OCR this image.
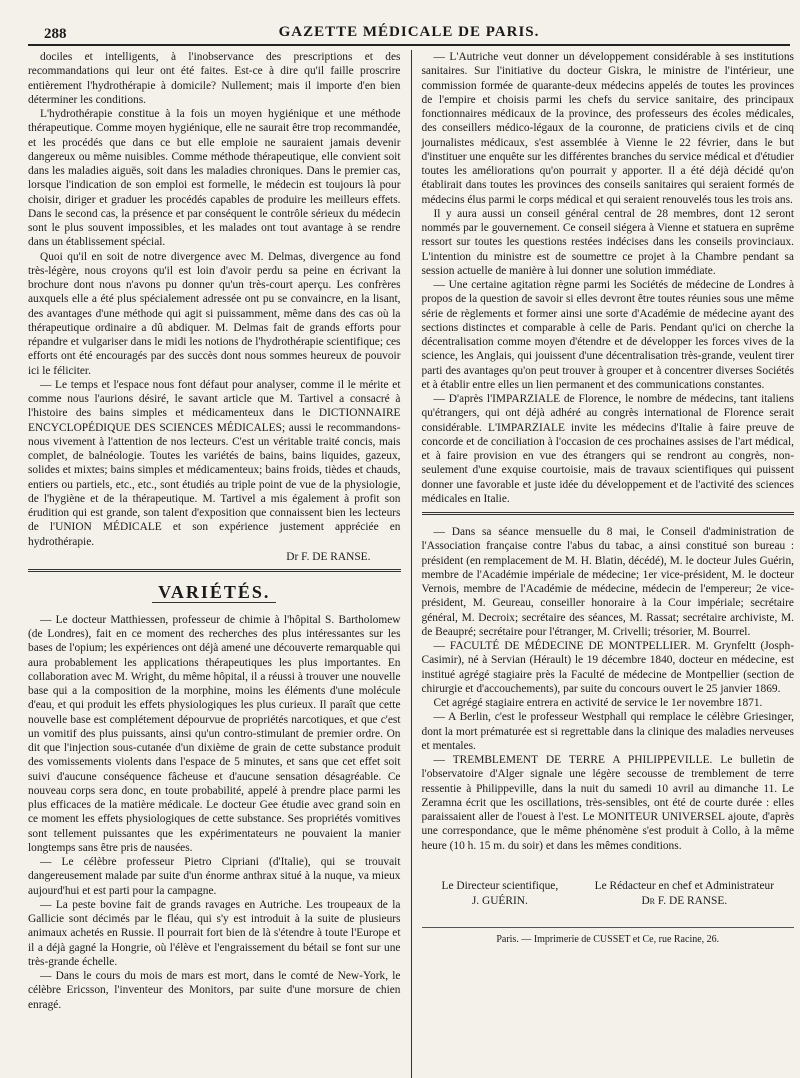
288	GAZETTE MÉDICALE DE PARIS.

dociles et intelligents, à l'inobservance des prescriptions et des recommandations qui leur ont été faites. Est-ce à dire qu'il faille proscrire entièrement l'hydrothérapie à domicile? Nullement; mais il importe d'en bien déterminer les conditions.

L'hydrothérapie constitue à la fois un moyen hygiénique et une méthode thérapeutique. Comme moyen hygiénique, elle ne saurait être trop recommandée, et les procédés que dans ce but elle emploie ne sauraient jamais devenir dangereux ou même nuisibles. Comme méthode thérapeutique, elle convient soit dans les maladies aiguës, soit dans les maladies chroniques. Dans le premier cas, lorsque l'indication de son emploi est formelle, le médecin est toujours là pour choisir, diriger et graduer les procédés capables de produire les meilleurs effets. Dans le second cas, la présence et par conséquent le contrôle sérieux du médecin sont le plus souvent impossibles, et les malades ont tout avantage à se rendre dans un établissement spécial.

Quoi qu'il en soit de notre divergence avec M. Delmas, divergence au fond très-légère, nous croyons qu'il est loin d'avoir perdu sa peine en écrivant la brochure dont nous n'avons pu donner qu'un très-court aperçu. Les confrères auxquels elle a été plus spécialement adressée ont pu se convaincre, en la lisant, des avantages d'une méthode qui agit si puissamment, même dans des cas où la thérapeutique ordinaire a dû abdiquer. M. Delmas fait de grands efforts pour répandre et vulgariser dans le midi les notions de l'hydrothérapie scientifique; ces efforts ont été encouragés par des succès dont nous sommes heureux de pouvoir ici le féliciter.

— Le temps et l'espace nous font défaut pour analyser, comme il le mérite et comme nous l'aurions désiré, le savant article que M. Tartivel a consacré à l'histoire des bains simples et médicamenteux dans le DICTIONNAIRE ENCYCLOPÉDIQUE DES SCIENCES MÉDICALES; aussi le recommandons-nous vivement à l'attention de nos lecteurs. C'est un véritable traité concis, mais complet, de balnéologie. Toutes les variétés de bains, bains liquides, gazeux, solides et mixtes; bains simples et médicamenteux; bains froids, tièdes et chauds, entiers ou partiels, etc., etc., sont étudiés au triple point de vue de la physiologie, de l'hygiène et de la thérapeutique. M. Tartivel a mis également à profit son érudition qui est grande, son talent d'exposition que connaissent bien les lecteurs de l'UNION MÉDICALE et son expérience justement appréciée en hydrothérapie.

Dr F. DE RANSE.
VARIÉTÉS.

— Le docteur Matthiessen, professeur de chimie à l'hôpital S. Bartholomew (de Londres), fait en ce moment des recherches des plus intéressantes sur les bases de l'opium; les expériences ont déjà amené une découverte remarquable qui aura probablement les applications thérapeutiques les plus importantes. En collaboration avec M. Wright, du même hôpital, il a réussi à trouver une nouvelle base qui a la composition de la morphine, moins les éléments d'une molécule d'eau, et qui produit les effets physiologiques les plus curieux. Il paraît que cette nouvelle base est complétement dépourvue de propriétés narcotiques, et que c'est un vomitif des plus puissants, ainsi qu'un contro-stimulant de premier ordre. On dit que l'injection sous-cutanée d'un dixième de grain de cette substance produit des vomissements violents dans l'espace de 5 minutes, et sans que cet effet soit suivi d'aucune conséquence fâcheuse et d'aucune sensation désagréable. Ce nouveau corps sera donc, en toute probabilité, appelé à prendre place parmi les plus efficaces de la matière médicale. Le docteur Gee étudie avec grand soin en ce moment les effets physiologiques de cette substance. Ses propriétés vomitives sont tellement puissantes que les expérimentateurs ne pouvaient la manier longtemps sans être pris de nausées.

— Le célèbre professeur Pietro Cipriani (d'Italie), qui se trouvait dangereusement malade par suite d'un énorme anthrax situé à la nuque, va mieux aujourd'hui et est parti pour la campagne.

— La peste bovine fait de grands ravages en Autriche. Les troupeaux de la Gallicie sont décimés par le fléau, qui s'y est introduit à la suite de plusieurs animaux achetés en Russie. Il pourrait fort bien de là s'étendre à toute l'Europe et il a déjà gagné la Hongrie, où l'élève et l'engraissement du bétail se font sur une très-grande échelle.

— Dans le cours du mois de mars est mort, dans le comté de New-York, le célèbre Ericsson, l'inventeur des Monitors, par suite d'une morsure de chien enragé.

— L'Autriche veut donner un développement considérable à ses institutions sanitaires. Sur l'initiative du docteur Giskra, le ministre de l'intérieur, une commission formée de quarante-deux médecins appelés de toutes les provinces de l'empire et choisis parmi les chefs du service sanitaire, des principaux fonctionnaires médicaux de la province, des professeurs des écoles médicales, des conseillers médico-légaux de la couronne, de praticiens civils et de cinq journalistes médicaux, s'est assemblée à Vienne le 22 février, dans le but d'instituer une enquête sur les différentes branches du service médical et d'étudier toutes les améliorations qu'on pourrait y apporter. Il a été déjà décidé qu'on établirait dans toutes les provinces des conseils sanitaires qui seraient formés de médecins élus parmi le corps médical et qui seraient renouvelés tous les trois ans.

Il y aura aussi un conseil général central de 28 membres, dont 12 seront nommés par le gouvernement. Ce conseil siégera à Vienne et statuera en suprême ressort sur toutes les questions restées indécises dans les conseils provinciaux. L'intention du ministre est de soumettre ce projet à la Chambre pendant sa session actuelle de manière à lui donner une solution immédiate.

— Une certaine agitation règne parmi les Sociétés de médecine de Londres à propos de la question de savoir si elles devront être toutes réunies sous une même série de règlements et former ainsi une sorte d'Académie de médecine ayant des sections distinctes et comparable à celle de Paris. Pendant qu'ici on cherche la décentralisation comme moyen d'étendre et de développer les forces vives de la science, les Anglais, qui jouissent d'une décentralisation très-grande, veulent tirer parti des avantages qu'on peut trouver à grouper et à concentrer diverses Sociétés et à établir entre elles un lien permanent et des communications constantes.

— D'après l'IMPARZIALE de Florence, le nombre de médecins, tant italiens qu'étrangers, qui ont déjà adhéré au congrès international de Florence serait considérable. L'IMPARZIALE invite les médecins d'Italie à faire preuve de concorde et de conciliation à l'occasion de ces prochaines assises de l'art médical, et à faire provision en vue des étrangers qui se rendront au congrès, non-seulement d'une exquise courtoisie, mais de travaux scientifiques qui puissent donner une favorable et juste idée du développement et de l'activité des sciences médicales en Italie.

— Dans sa séance mensuelle du 8 mai, le Conseil d'administration de l'Association française contre l'abus du tabac, a ainsi constitué son bureau : président (en remplacement de M. H. Blatin, décédé), M. le docteur Jules Guérin, membre de l'Académie impériale de médecine; 1er vice-président, M. le docteur Vernois, membre de l'Académie de médecine, médecin de l'empereur; 2e vice-président, M. Geureau, conseiller honoraire à la Cour impériale; secrétaire général, M. Decroix; secrétaire des séances, M. Rassat; secrétaire archiviste, M. de Beaupré; secrétaire pour l'étranger, M. Crivelli; trésorier, M. Bourrel.

— FACULTÉ DE MÉDECINE DE MONTPELLIER. M. Grynfeltt (Josph-Casimir), né à Servian (Hérault) le 19 décembre 1840, docteur en médecine, est institué agrégé stagiaire près la Faculté de médecine de Montpellier (section de chirurgie et d'accouchements), par suite du concours ouvert le 25 janvier 1869.

Cet agrégé stagiaire entrera en activité de service le 1er novembre 1871.

— A Berlin, c'est le professeur Westphall qui remplace le célèbre Griesinger, dont la mort prématurée est si regrettable dans la clinique des maladies nerveuses et mentales.

— TREMBLEMENT DE TERRE A PHILIPPEVILLE. Le bulletin de l'observatoire d'Alger signale une légère secousse de tremblement de terre ressentie à Philippeville, dans la nuit du samedi 10 avril au dimanche 11. Le Zeramna écrit que les oscillations, très-sensibles, ont été de courte durée : elles paraissaient aller de l'ouest à l'est. Le MONITEUR UNIVERSEL ajoute, d'après une correspondance, que le même phénomène s'est produit à Collo, à la même heure (10 h. 15 m. du soir) et dans les mêmes conditions.

Le Directeur scientifique,
J. GUÉRIN.
Le Rédacteur en chef et Administrateur
Dr F. DE RANSE.
Paris. — Imprimerie de CUSSET et Ce, rue Racine, 26.
